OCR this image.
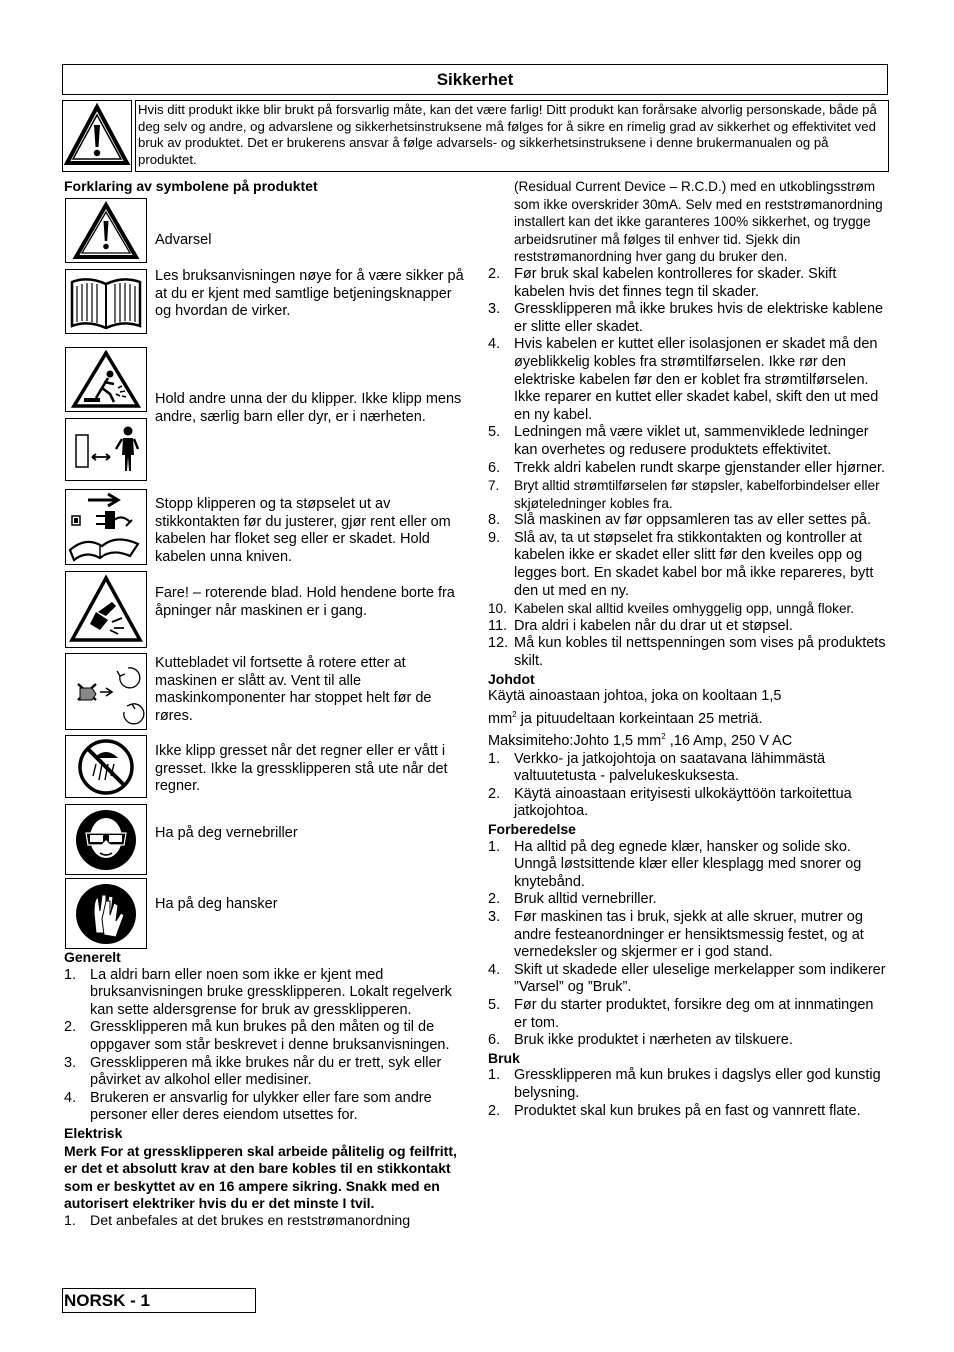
Sikkerhet
Hvis ditt produkt ikke blir brukt på forsvarlig måte, kan det være farlig! Ditt produkt kan forårsake alvorlig personskade, både på deg selv og andre, og advarslene og sikkerhetsinstruksene må følges for å sikre en rimelig grad av sikkerhet og effektivitet ved bruk av produktet. Det er brukerens ansvar å følge advarsels- og sikkerhetsinstruksene i denne brukermanualen og på produktet.
Forklaring av symbolene på produktet
Advarsel
Les bruksanvisningen nøye for å være sikker på at du er kjent med samtlige betjeningsknapper og hvordan de virker.
Hold andre unna der du klipper. Ikke klipp mens andre, særlig barn eller dyr, er i nærheten.
Stopp klipperen og ta støpselet ut av stikkontakten før du justerer, gjør rent eller om kabelen har floket seg eller er skadet. Hold kabelen unna kniven.
Fare! – roterende blad. Hold hendene borte fra åpninger når maskinen er i gang.
Kuttebladet vil fortsette å rotere etter at maskinen er slått av. Vent til alle maskinkomponenter har stoppet helt før de røres.
Ikke klipp gresset når det regner eller er vått i gresset. Ikke la gressklipperen stå ute når det regner.
Ha på deg vernebriller
Ha på deg hansker
Generelt
1. La aldri barn eller noen som ikke er kjent med bruksanvisningen bruke gressklipperen. Lokalt regelverk kan sette aldersgrense for bruk av gressklipperen.
2. Gressklipperen må kun brukes på den måten og til de oppgaver som står beskrevet i denne bruksanvisningen.
3. Gressklipperen må ikke brukes når du er trett, syk eller påvirket av alkohol eller medisiner.
4. Brukeren er ansvarlig for ulykker eller fare som andre personer eller deres eiendom utsettes for.
Elektrisk
Merk For at gressklipperen skal arbeide pålitelig og feilfritt, er det et absolutt krav at den bare kobles til en stikkontakt som er beskyttet av en 16 ampere sikring. Snakk med en autorisert elektriker hvis du er det minste I tvil.
1. Det anbefales at det brukes en reststrømanordning
(Residual Current Device – R.C.D.) med en utkoblingsstrøm som ikke overskrider 30mA. Selv med en reststrømanordning installert kan det ikke garanteres 100% sikkerhet, og trygge arbeidsrutiner må følges til enhver tid. Sjekk din reststrømanordning hver gang du bruker den.
2. Før bruk skal kabelen kontrolleres for skader. Skift kabelen hvis det finnes tegn til skader.
3. Gressklipperen må ikke brukes hvis de elektriske kablene er slitte eller skadet.
4. Hvis kabelen er kuttet eller isolasjonen er skadet må den øyeblikkelig kobles fra strømtilførselen. Ikke rør den elektriske kabelen før den er koblet fra strømtilførselen. Ikke reparer en kuttet eller skadet kabel, skift den ut med en ny kabel.
5. Ledningen må være viklet ut, sammenviklede ledninger kan overhetes og redusere produktets effektivitet.
6. Trekk aldri kabelen rundt skarpe gjenstander eller hjørner.
7. Bryt alltid strømtilførselen før støpsler, kabelforbindelser eller skjøteledninger kobles fra.
8. Slå maskinen av før oppsamleren tas av eller settes på.
9. Slå av, ta ut støpselet fra stikkontakten og kontroller at kabelen ikke er skadet eller slitt før den kveiles opp og legges bort. En skadet kabel bor må ikke repareres, bytt den ut med en ny.
10. Kabelen skal alltid kveiles omhyggelig opp, unngå floker.
11. Dra aldri i kabelen når du drar ut et støpsel.
12. Må kun kobles til nettspenningen som vises på produktets skilt.
Johdot
Käytä ainoastaan johtoa, joka on kooltaan 1,5
$mm^2$ ja pituudeltaan korkeintaan 25 metriä.
Maksimiteho:Johto 1,5 $mm^2$ ,16 Amp, 250 V AC
1. Verkko- ja jatkojohtoja on saatavana lähimmästä valtuutetusta - palvelukeskuksesta.
2. Käytä ainoastaan erityisesti ulkokäyttöön tarkoitettua jatkojohtoa.
Forberedelse
1. Ha alltid på deg egnede klær, hansker og solide sko. Unngå løstsittende klær eller klesplagg med snorer og knytebånd.
2. Bruk alltid vernebriller.
3. Før maskinen tas i bruk, sjekk at alle skruer, mutrer og andre festeanordninger er hensiktsmessig festet, og at vernedeksler og skjermer er i god stand.
4. Skift ut skadede eller uleselige merkelapper som indikerer ”Varsel” og ”Bruk”.
5. Før du starter produktet, forsikre deg om at innmatingen er tom.
6. Bruk ikke produktet i nærheten av tilskuere.
Bruk
1. Gressklipperen må kun brukes i dagslys eller god kunstig belysning.
2. Produktet skal kun brukes på en fast og vannrett flate.
NORSK - 1
